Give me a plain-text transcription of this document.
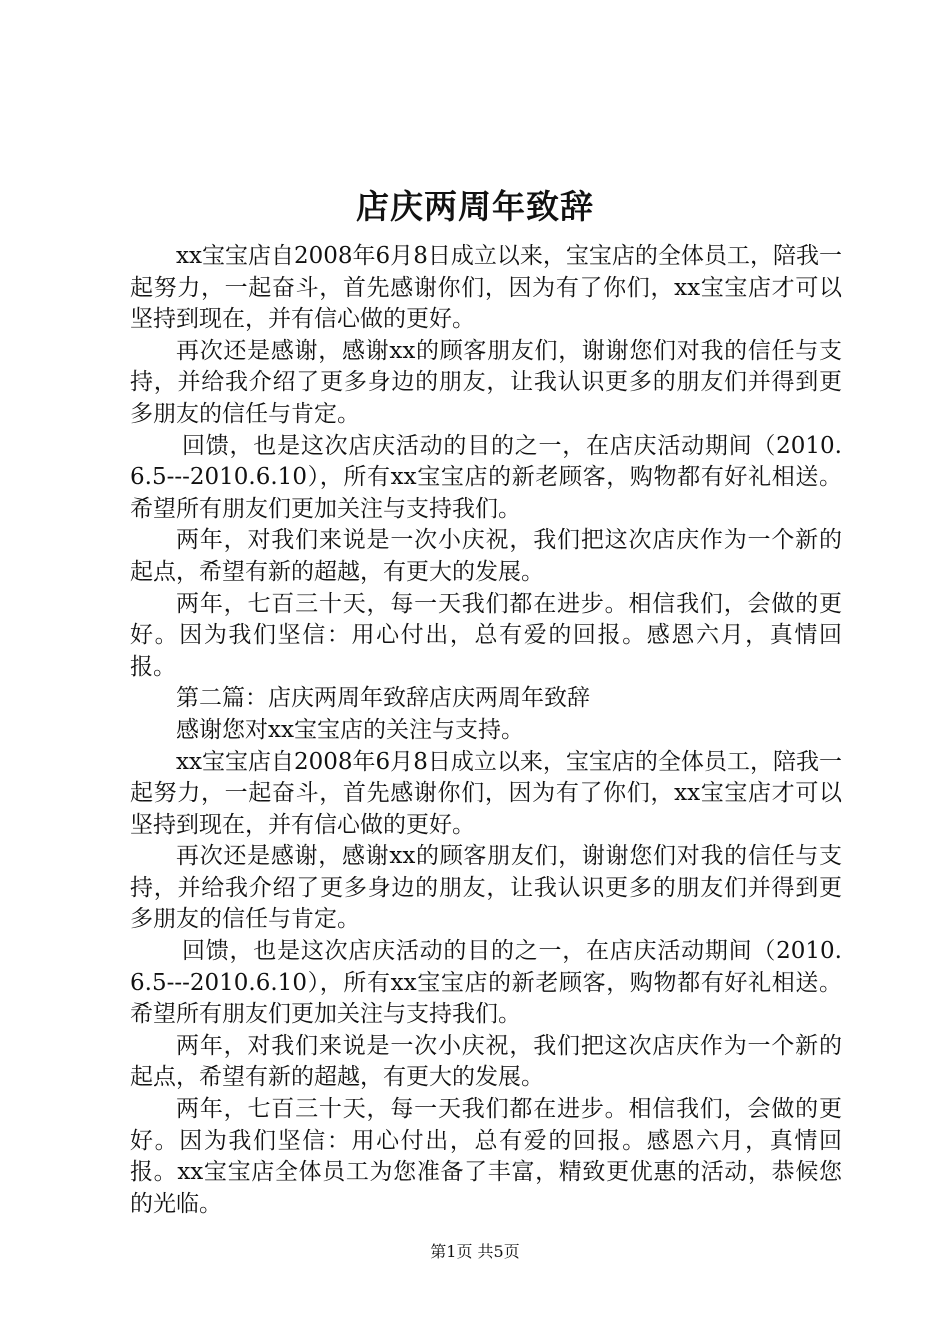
店庆两周年致辞

xx宝宝店自2008年6月8日成立以来，宝宝店的全体员工，陪我一起努力，一起奋斗，首先感谢你们，因为有了你们，xx宝宝店才可以坚持到现在，并有信心做的更好。

再次还是感谢，感谢xx的顾客朋友们，谢谢您们对我的信任与支持，并给我介绍了更多身边的朋友，让我认识更多的朋友们并得到更多朋友的信任与肯定。

回馈，也是这次店庆活动的目的之一，在店庆活动期间（2010.6.5---2010.6.10），所有xx宝宝店的新老顾客，购物都有好礼相送。希望所有朋友们更加关注与支持我们。

两年，对我们来说是一次小庆祝，我们把这次店庆作为一个新的起点，希望有新的超越，有更大的发展。

两年，七百三十天，每一天我们都在进步。相信我们，会做的更好。因为我们坚信：用心付出，总有爱的回报。感恩六月，真情回报。

第二篇：店庆两周年致辞店庆两周年致辞

感谢您对xx宝宝店的关注与支持。

xx宝宝店自2008年6月8日成立以来，宝宝店的全体员工，陪我一起努力，一起奋斗，首先感谢你们，因为有了你们，xx宝宝店才可以坚持到现在，并有信心做的更好。

再次还是感谢，感谢xx的顾客朋友们，谢谢您们对我的信任与支持，并给我介绍了更多身边的朋友，让我认识更多的朋友们并得到更多朋友的信任与肯定。

回馈，也是这次店庆活动的目的之一，在店庆活动期间（2010.6.5---2010.6.10），所有xx宝宝店的新老顾客，购物都有好礼相送。希望所有朋友们更加关注与支持我们。

两年，对我们来说是一次小庆祝，我们把这次店庆作为一个新的起点，希望有新的超越，有更大的发展。

两年，七百三十天，每一天我们都在进步。相信我们，会做的更好。因为我们坚信：用心付出，总有爱的回报。感恩六月，真情回报。xx宝宝店全体员工为您准备了丰富，精致更优惠的活动，恭候您的光临。

第1页 共5页
